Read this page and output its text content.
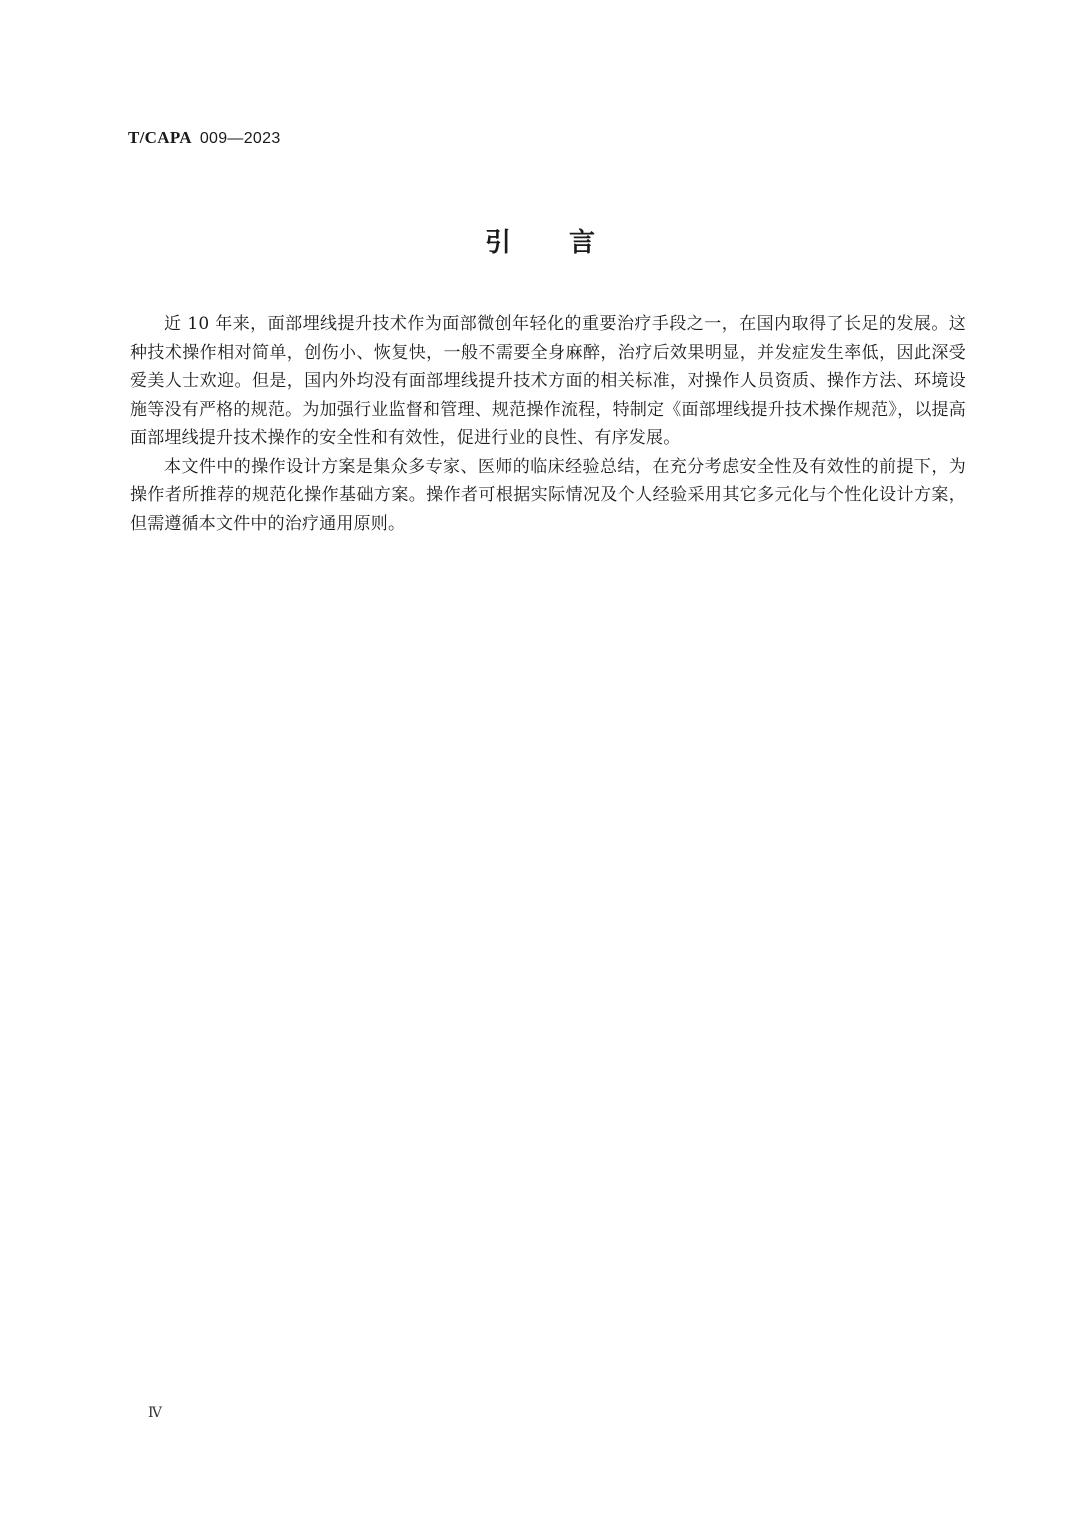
T/CAPA 009—2023
引言

近 10 年来，面部埋线提升技术作为面部微创年轻化的重要治疗手段之一，在国内取得了长足的发展。这种技术操作相对简单，创伤小、恢复快，一般不需要全身麻醉，治疗后效果明显，并发症发生率低，因此深受爱美人士欢迎。但是，国内外均没有面部埋线提升技术方面的相关标准，对操作人员资质、操作方法、环境设施等没有严格的规范。为加强行业监督和管理、规范操作流程，特制定《面部埋线提升技术操作规范》，以提高面部埋线提升技术操作的安全性和有效性，促进行业的良性、有序发展。

本文件中的操作设计方案是集众多专家、医师的临床经验总结，在充分考虑安全性及有效性的前提下，为操作者所推荐的规范化操作基础方案。操作者可根据实际情况及个人经验采用其它多元化与个性化设计方案，但需遵循本文件中的治疗通用原则。

Ⅳ
